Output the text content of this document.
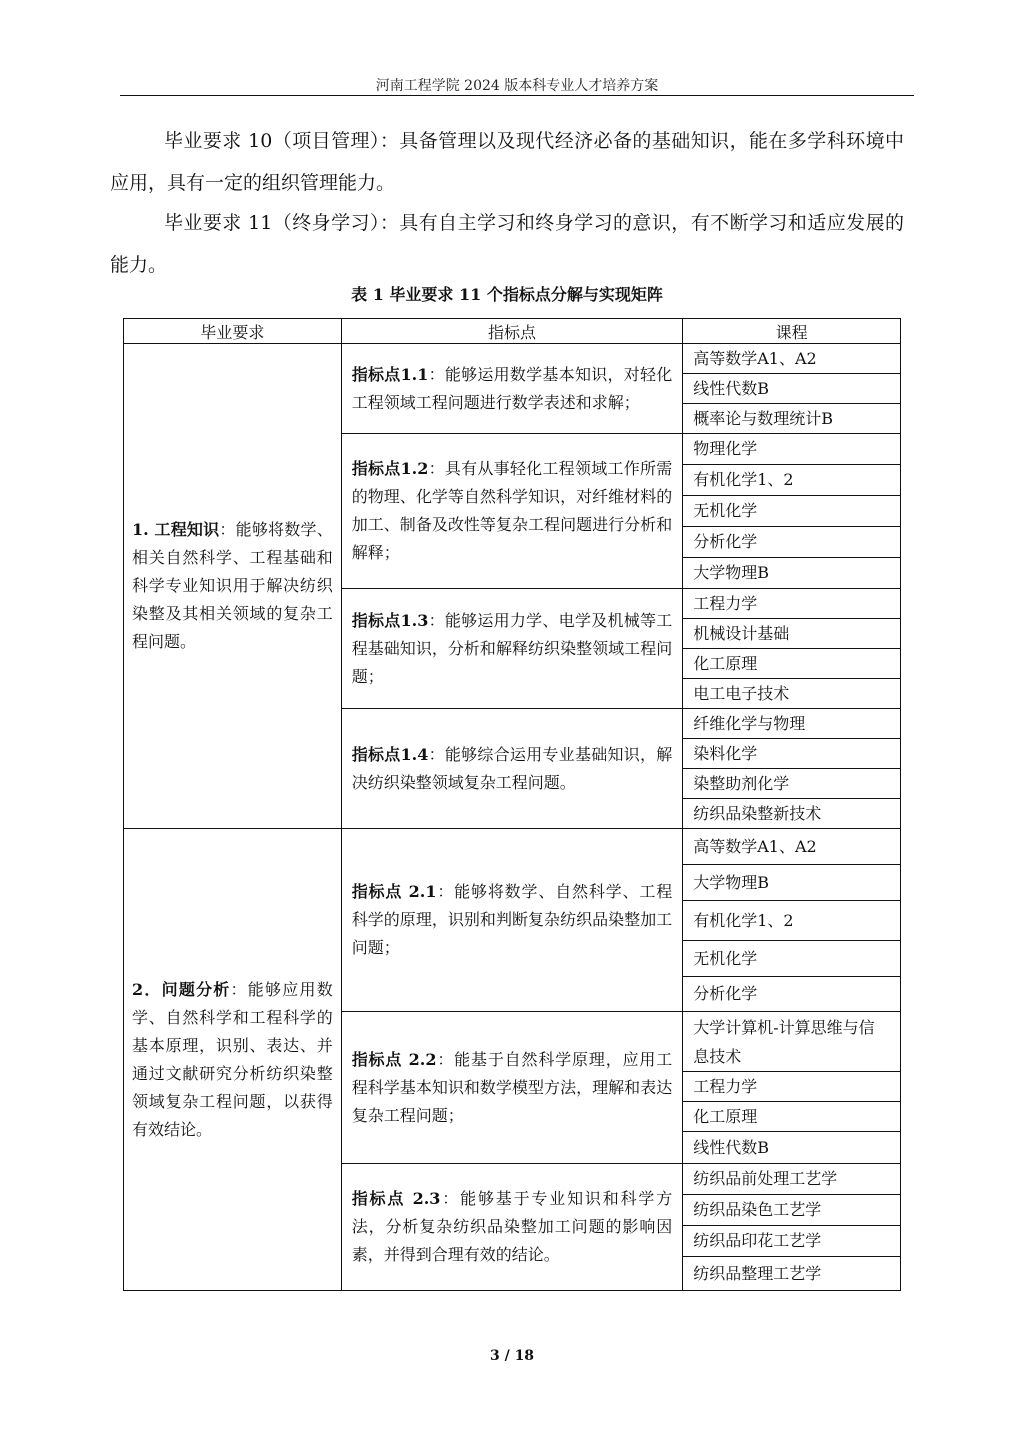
河南工程学院 2024 版本科专业人才培养方案

毕业要求 10（项目管理）：具备管理以及现代经济必备的基础知识，能在多学科环境中应用，具有一定的组织管理能力。

毕业要求 11（终身学习）：具有自主学习和终身学习的意识，有不断学习和适应发展的能力。

表 1 毕业要求 11 个指标点分解与实现矩阵
毕业要求	指标点	课程
1. 工程知识：能够将数学、相关自然科学、工程基础和科学专业知识用于解决纺织染整及其相关领域的复杂工程问题。	指标点1.1：能够运用数学基本知识，对轻化工程领域工程问题进行数学表述和求解；	高等数学A1、A2
		线性代数B
		概率论与数理统计B
	指标点1.2：具有从事轻化工程领域工作所需的物理、化学等自然科学知识，对纤维材料的加工、制备及改性等复杂工程问题进行分析和解释；	物理化学
		有机化学1、2
		无机化学
		分析化学
		大学物理B
	指标点1.3：能够运用力学、电学及机械等工程基础知识，分析和解释纺织染整领域工程问题；	工程力学
		机械设计基础
		化工原理
		电工电子技术
	指标点1.4：能够综合运用专业基础知识，解决纺织染整领域复杂工程问题。	纤维化学与物理
		染料化学
		染整助剂化学
		纺织品染整新技术
2．问题分析：能够应用数学、自然科学和工程科学的基本原理，识别、表达、并通过文献研究分析纺织染整领域复杂工程问题，以获得有效结论。	指标点 2.1：能够将数学、自然科学、工程科学的原理，识别和判断复杂纺织品染整加工问题；	高等数学A1、A2
		大学物理B
		有机化学1、2
		无机化学
		分析化学
	指标点 2.2：能基于自然科学原理，应用工程科学基本知识和数学模型方法，理解和表达复杂工程问题；	大学计算机-计算思维与信息技术
		工程力学
		化工原理
		线性代数B
	指标点 2.3：能够基于专业知识和科学方法，分析复杂纺织品染整加工问题的影响因素，并得到合理有效的结论。	纺织品前处理工艺学
		纺织品染色工艺学
		纺织品印花工艺学
		纺织品整理工艺学
3 / 18
